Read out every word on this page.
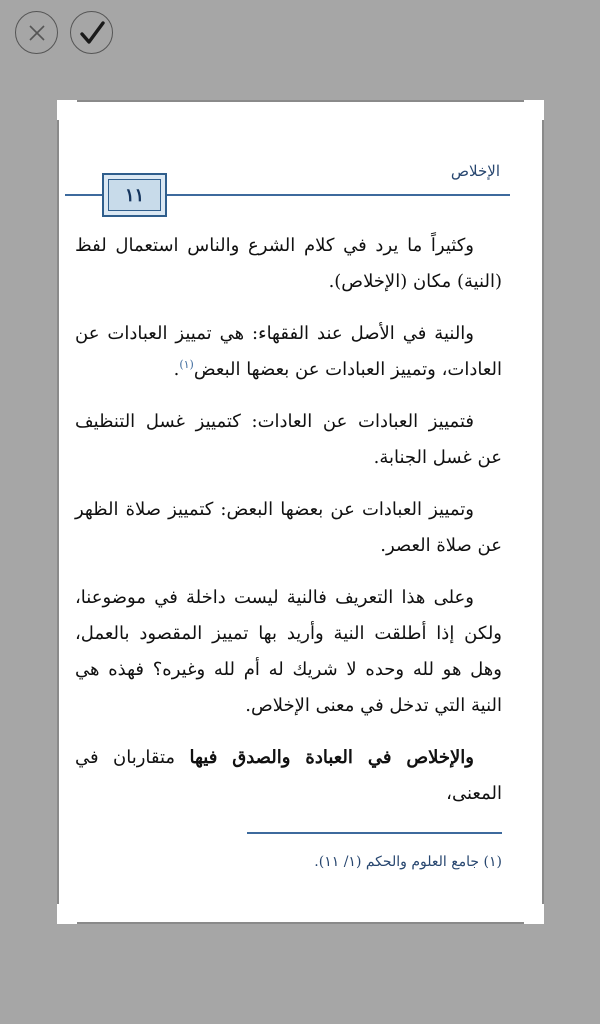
الإخلاص
١١

وكثيراً ما يرد في كلام الشرع والناس استعمال لفظ (النية) مكان (الإخلاص).

والنية في الأصل عند الفقهاء: هي تمييز العبادات عن العادات، وتمييز العبادات عن بعضها البعض$^{(١)}$.

فتمييز العبادات عن العادات: كتمييز غسل التنظيف عن غسل الجنابة.

وتمييز العبادات عن بعضها البعض: كتمييز صلاة الظهر عن صلاة العصر.

وعلى هذا التعريف فالنية ليست داخلة في موضوعنا، ولكن إذا أطلقت النية وأريد بها تمييز المقصود بالعمل، وهل هو لله وحده لا شريك له أم لله وغيره؟ فهذه هي النية التي تدخل في معنى الإخلاص.

والإخلاص في العبادة والصدق فيها متقاربان في المعنى،

(١) جامع العلوم والحكم (١/ ١١).
